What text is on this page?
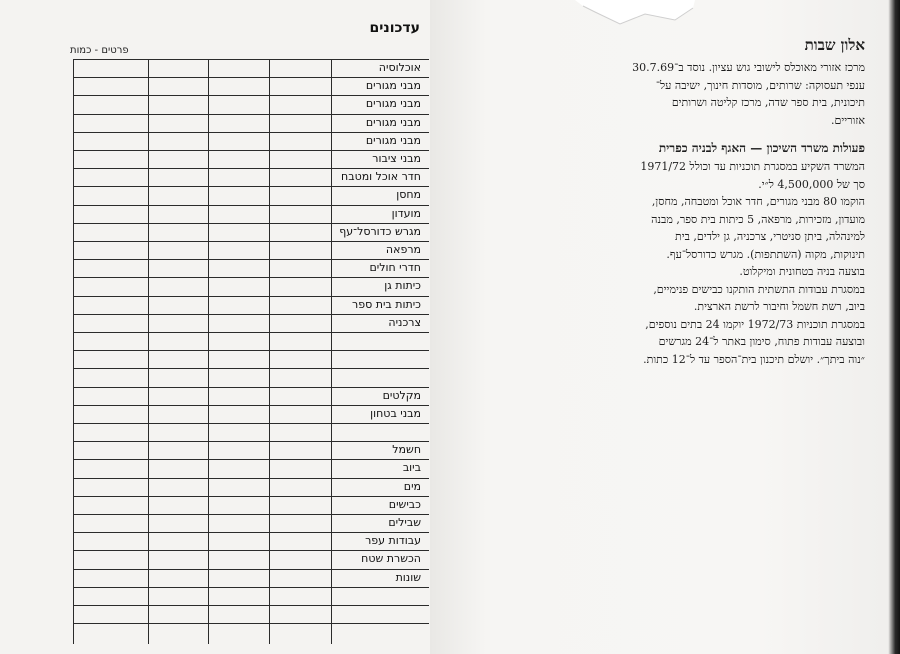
עדכונים
פרטים - כמות
אוכלוסיה
מבני מגורים
מבני מגורים
מבני מגורים
מבני מגורים
מבני ציבור
חדר אוכל ומטבח
מחסן
מועדון
מגרש כדורסל־עף
מרפאה
חדרי חולים
כיתות גן
כיתות בית ספר
צרכניה
מקלטים
מבני בטחון
חשמל
ביוב
מים
כבישים
שבילים
עבודות עפר
הכשרת שטח
שונות
אלון שבות

מרכז אזורי מאוכלס לישובי גוש עציון. נוסד ב־30.7.69

ענפי תעסוקה: שרותים, מוסדות חינוך, ישיבה על־

תיכונית, בית ספר שדה, מרכז קליטה ושרותים

אזוריים.

פעולות משרד השיכון — האגף לבניה כפרית

המשרד השקיע במסגרת תוכניות עד וכולל 1971/72

סך של 4,500,000 ל״י.

הוקמו 80 מבני מגורים, חדר אוכל ומטבחה, מחסן,

מועדון, מזכירות, מרפאה, 5 כיתות בית ספר, מבנה

למינהלה, ביתן סניטרי, צרכניה, גן ילדים, בית

תינוקות, מקוה (השתתפות). מגרש כדורסל־עף.

בוצעה בניה בטחונית ומיקלוט.

במסגרת עבודות התשתית הותקנו כבישים פנימיים,

ביוב, רשת חשמל וחיבור לרשת הארצית.

במסגרת תוכניות 1972/73 יוקמו 24 בתים נוספים,

ובוצעה עבודות פתוח, סימון באתר ל־24 מגרשים

״נוה ביתך״. יושלם תיכנון בית־הספר עד ל־12 כתות.
